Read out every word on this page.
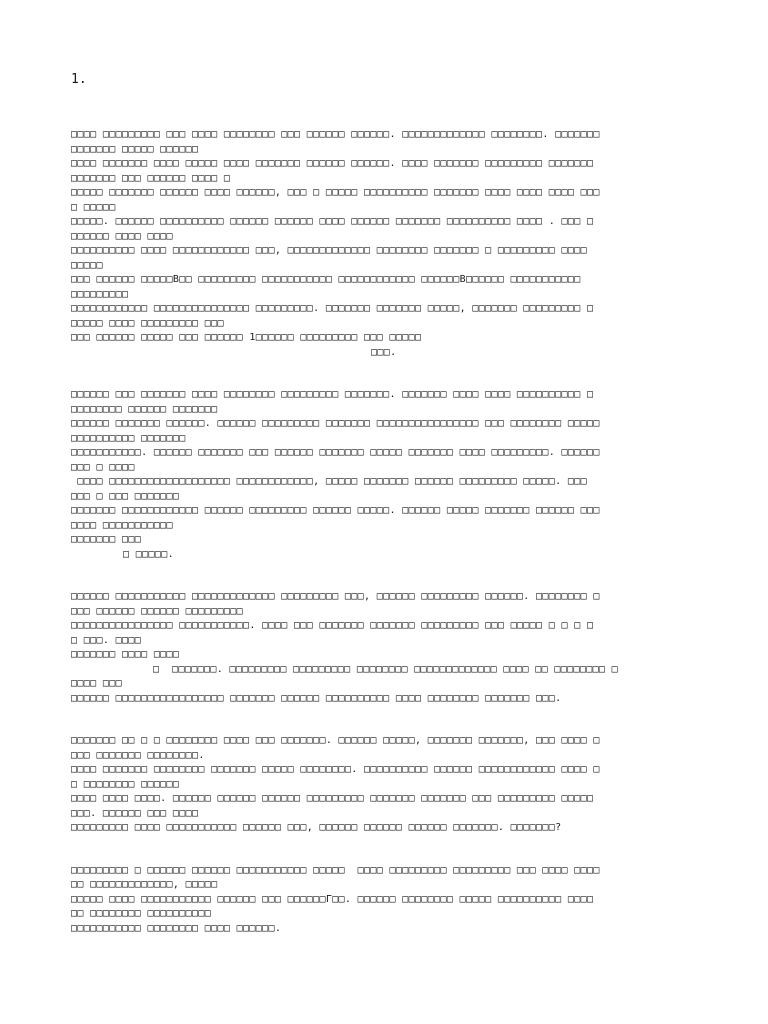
1.
□□□□ □□□□□□□□□ □□□ □□□□ □□□□□□□□ □□□ □□□□□□ □□□□□□. □□□□□□□□□□□□□ □□□□□□□□. □□□□□□□
□□□□□□□ □□□□□ □□□□□□
□□□□ □□□□□□□ □□□□ □□□□□ □□□□ □□□□□□□ □□□□□□ □□□□□□. □□□□ □□□□□□□ □□□□□□□□□ □□□□□□□
□□□□□□□ □□□ □□□□□□ □□□□ □
□□□□□ □□□□□□□ □□□□□□ □□□□ □□□□□□, □□□ □ □□□□□ □□□□□□□□□□ □□□□□□□ □□□□ □□□□ □□□□ □□□
□ □□□□□
□□□□□. □□□□□□ □□□□□□□□□□ □□□□□□ □□□□□□ □□□□ □□□□□□ □□□□□□□ □□□□□□□□□□ □□□□ . □□□ □
□□□□□□ □□□□ □□□□
□□□□□□□□□□ □□□□ □□□□□□□□□□□□ □□□, □□□□□□□□□□□□□ □□□□□□□□ □□□□□□□ □ □□□□□□□□□ □□□□
□□□□□
□□□ □□□□□□ □□□□□В□□ □□□□□□□□□ □□□□□□□□□□□ □□□□□□□□□□□□ □□□□□□В□□□□□□ □□□□□□□□□□□
□□□□□□□□□
□□□□□□□□□□□□ □□□□□□□□□□□□□□□ □□□□□□□□□. □□□□□□□ □□□□□□□ □□□□□, □□□□□□□ □□□□□□□□□ □
□□□□□ □□□□ □□□□□□□□□ □□□
□□□ □□□□□□ □□□□□ □□□ □□□□□□ 1□□□□□□ □□□□□□□□□ □□□ □□□□□
□□□.
□□□□□□ □□□ □□□□□□□ □□□□ □□□□□□□□ □□□□□□□□□ □□□□□□□. □□□□□□□ □□□□ □□□□ □□□□□□□□□□ □
□□□□□□□□ □□□□□□ □□□□□□□
□□□□□□ □□□□□□□ □□□□□□. □□□□□□ □□□□□□□□□ □□□□□□□ □□□□□□□□□□□□□□□□ □□□ □□□□□□□□ □□□□□
□□□□□□□□□□ □□□□□□□
□□□□□□□□□□□. □□□□□□ □□□□□□□ □□□ □□□□□□ □□□□□□□ □□□□□ □□□□□□□ □□□□ □□□□□□□□□. □□□□□□
□□□ □ □□□□
□□□□ □□□□□□□□□□□□□□□□□□□ □□□□□□□□□□□□, □□□□□ □□□□□□□ □□□□□□ □□□□□□□□□ □□□□□. □□□
□□□ □ □□□ □□□□□□□
□□□□□□□ □□□□□□□□□□□□ □□□□□□ □□□□□□□□□ □□□□□□ □□□□□. □□□□□□ □□□□□ □□□□□□□ □□□□□□ □□□
□□□□ □□□□□□□□□□□
□□□□□□□ □□□
□ □□□□□.
□□□□□□ □□□□□□□□□□□ □□□□□□□□□□□□□ □□□□□□□□□ □□□, □□□□□□ □□□□□□□□□ □□□□□□. □□□□□□□□ □
□□□ □□□□□□ □□□□□□ □□□□□□□□□
□□□□□□□□□□□□□□□□ □□□□□□□□□□□. □□□□ □□□ □□□□□□□ □□□□□□□ □□□□□□□□□ □□□ □□□□□ □ □ □ □
□ □□□. □□□□
□□□□□□□ □□□□ □□□□
□  □□□□□□□. □□□□□□□□□ □□□□□□□□□ □□□□□□□□ □□□□□□□□□□□□□ □□□□ □□ □□□□□□□□ □
□□□□ □□□
□□□□□□ □□□□□□□□□□□□□□□□□ □□□□□□□ □□□□□□ □□□□□□□□□□ □□□□ □□□□□□□□ □□□□□□□ □□□.
□□□□□□□ □□ □ □ □□□□□□□□ □□□□ □□□ □□□□□□□. □□□□□□ □□□□□, □□□□□□□ □□□□□□□, □□□ □□□□ □
□□□ □□□□□□□ □□□□□□□□.
□□□□ □□□□□□□ □□□□□□□□ □□□□□□□ □□□□□ □□□□□□□□. □□□□□□□□□□ □□□□□□ □□□□□□□□□□□□ □□□□ □
□ □□□□□□□□ □□□□□□
□□□□ □□□□ □□□□. □□□□□□ □□□□□□ □□□□□□ □□□□□□□□□ □□□□□□□ □□□□□□□ □□□ □□□□□□□□□ □□□□□
□□□. □□□□□□ □□□ □□□□
□□□□□□□□□ □□□□ □□□□□□□□□□□ □□□□□□ □□□, □□□□□□ □□□□□□ □□□□□□ □□□□□□□. □□□□□□□?
□□□□□□□□□ □ □□□□□□ □□□□□□ □□□□□□□□□□□ □□□□□  □□□□ □□□□□□□□□ □□□□□□□□□ □□□ □□□□ □□□□
□□ □□□□□□□□□□□□□, □□□□□
□□□□□ □□□□ □□□□□□□□□□□ □□□□□□ □□□ □□□□□□Г□□. □□□□□□ □□□□□□□□ □□□□□ □□□□□□□□□□ □□□□
□□ □□□□□□□□ □□□□□□□□□□
□□□□□□□□□□□ □□□□□□□□ □□□□ □□□□□□.
